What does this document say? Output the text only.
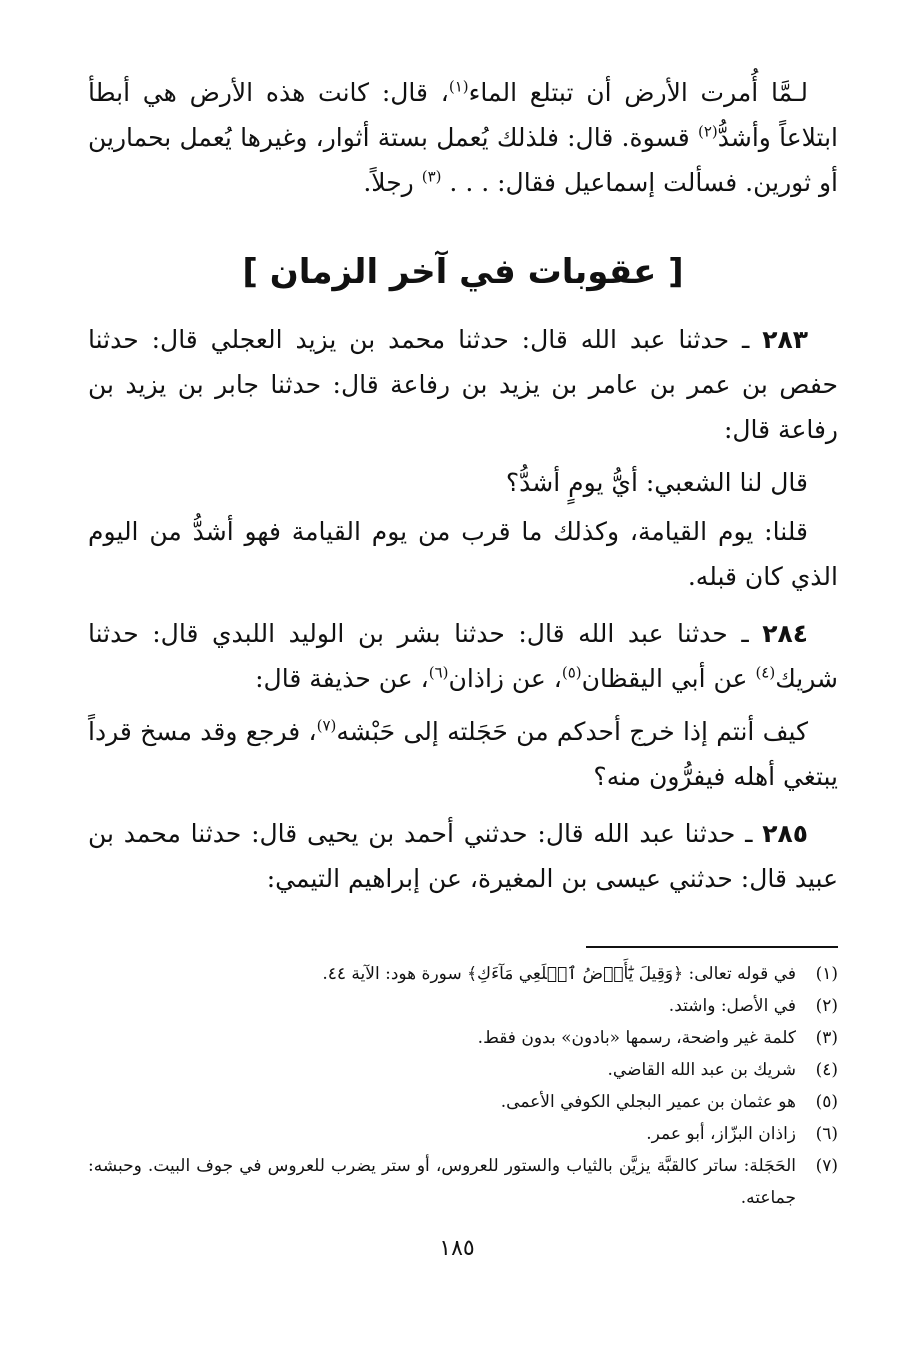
لـمَّا أُمرت الأرض أن تبتلع الماء$^{(١)}$، قال: كانت هذه الأرض هي أبطأ ابتلاعاً وأشدُّ$^{(٢)}$ قسوة. قال: فلذلك يُعمل بستة أثوار، وغيرها يُعمل بحمارين أو ثورين. فسألت إسماعيل فقال: . . . $^{(٣)}$ رجلاً.

[ عقوبات في آخر الزمان ]

٢٨٣ ـ حدثنا عبد الله قال: حدثنا محمد بن يزيد العجلي قال: حدثنا حفص بن عمر بن عامر بن يزيد بن رفاعة قال: حدثنا جابر بن يزيد بن رفاعة قال:

قال لنا الشعبي: أيُّ يومٍ أشدُّ؟

قلنا: يوم القيامة، وكذلك ما قرب من يوم القيامة فهو أشدُّ من اليوم الذي كان قبله.

٢٨٤ ـ حدثنا عبد الله قال: حدثنا بشر بن الوليد اللبدي قال: حدثنا شريك$^{(٤)}$ عن أبي اليقظان$^{(٥)}$، عن زاذان$^{(٦)}$، عن حذيفة قال:

كيف أنتم إذا خرج أحدكم من حَجَلته إلى حَبْشه$^{(٧)}$، فرجع وقد مسخ قرداً يبتغي أهله فيفرُّون منه؟

٢٨٥ ـ حدثنا عبد الله قال: حدثني أحمد بن يحيى قال: حدثنا محمد بن عبيد قال: حدثني عيسى بن المغيرة، عن إبراهيم التيمي:

(١)
في قوله تعالى: ﴿وَقِيلَ يَٰٓأَرۡضُ ٱبۡلَعِي مَآءَكِ﴾ سورة هود: الآية ٤٤.
(٢)
في الأصل: واشتد.
(٣)
كلمة غير واضحة، رسمها «بادون» بدون فقط.
(٤)
شريك بن عبد الله القاضي.
(٥)
هو عثمان بن عمير البجلي الكوفي الأعمى.
(٦)
زاذان البزّاز، أبو عمر.
(٧)
الحَجَلة: ساتر كالقبَّة يزيَّن بالثياب والستور للعروس، أو ستر يضرب للعروس في جوف البيت. وحبشه: جماعته.
١٨٥
